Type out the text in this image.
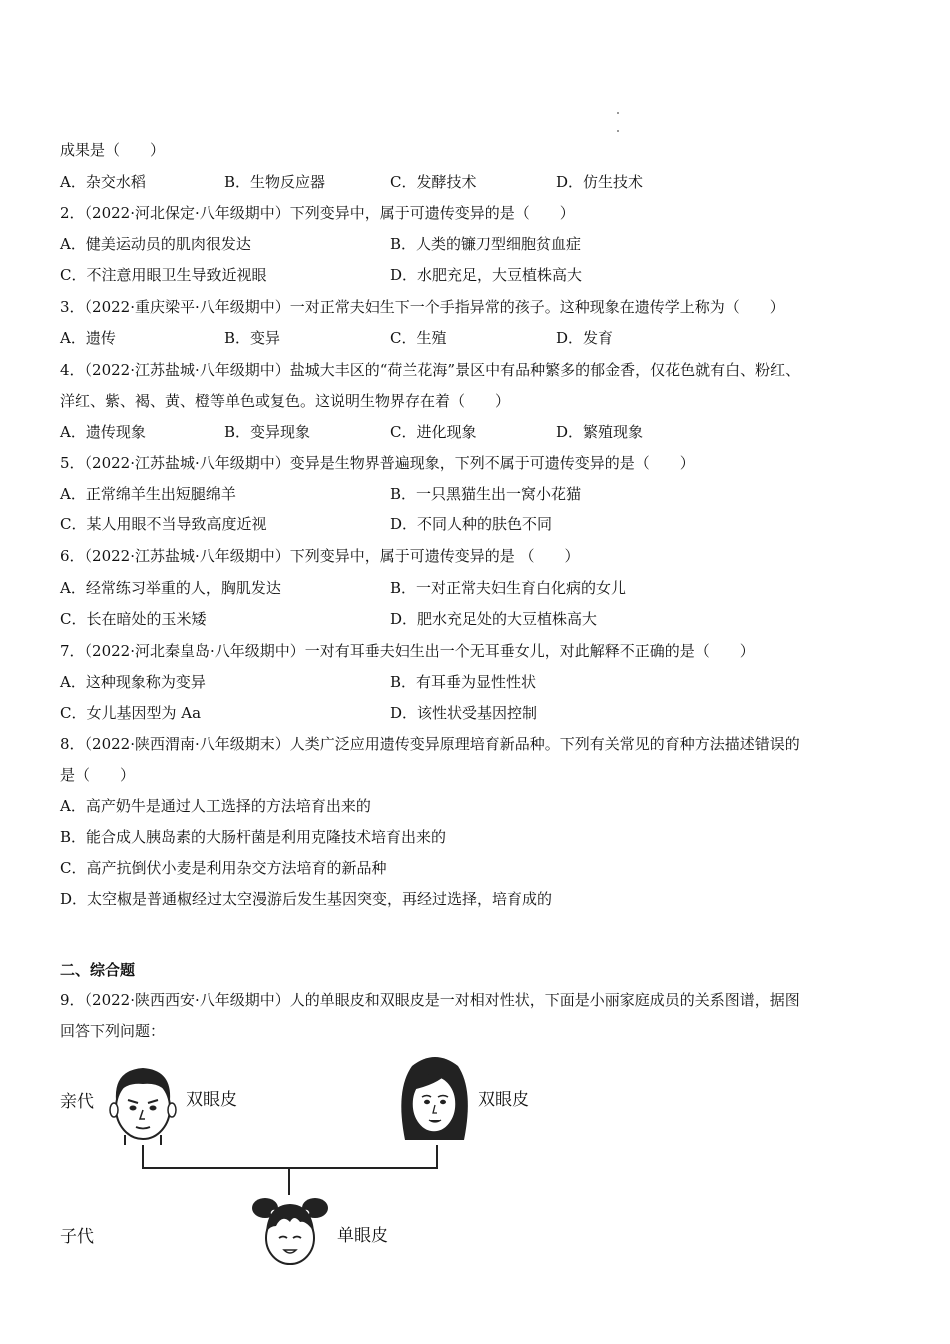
成果是（　　）
A．杂交水稻	B．生物反应器	C．发酵技术	D．仿生技术
2．（2022·河北保定·八年级期中）下列变异中，属于可遗传变异的是（　　）
A．健美运动员的肌肉很发达	B．人类的镰刀型细胞贫血症
C．不注意用眼卫生导致近视眼	D．水肥充足，大豆植株高大
3．（2022·重庆梁平·八年级期中）一对正常夫妇生下一个手指异常的孩子。这种现象在遗传学上称为（　　）
A．遗传	B．变异	C．生殖	D．发育
4．（2022·江苏盐城·八年级期中）盐城大丰区的“荷兰花海”景区中有品种繁多的郁金香，仅花色就有白、粉红、
洋红、紫、褐、黄、橙等单色或复色。这说明生物界存在着（　　）
A．遗传现象	B．变异现象	C．进化现象	D．繁殖现象
5．（2022·江苏盐城·八年级期中）变异是生物界普遍现象，下列不属于可遗传变异的是（　　）
A．正常绵羊生出短腿绵羊	B．一只黑猫生出一窝小花猫
C．某人用眼不当导致高度近视	D．不同人种的肤色不同
6．（2022·江苏盐城·八年级期中）下列变异中，属于可遗传变异的是 （　　）
A．经常练习举重的人，胸肌发达	B．一对正常夫妇生育白化病的女儿
C．长在暗处的玉米矮	D．肥水充足处的大豆植株高大
7．（2022·河北秦皇岛·八年级期中）一对有耳垂夫妇生出一个无耳垂女儿，对此解释不正确的是（　　）
A．这种现象称为变异	B．有耳垂为显性性状
C．女儿基因型为 Aa	D．该性状受基因控制
8．（2022·陕西渭南·八年级期末）人类广泛应用遗传变异原理培育新品种。下列有关常见的育种方法描述错误的
是（　　）
A．高产奶牛是通过人工选择的方法培育出来的
B．能合成人胰岛素的大肠杆菌是利用克隆技术培育出来的
C．高产抗倒伏小麦是利用杂交方法培育的新品种
D．太空椒是普通椒经过太空漫游后发生基因突变，再经过选择，培育成的
二、综合题
9．（2022·陕西西安·八年级期中）人的单眼皮和双眼皮是一对相对性状，下面是小丽家庭成员的关系图谱，据图
回答下列问题：
亲代	双眼皮	双眼皮
子代	单眼皮
